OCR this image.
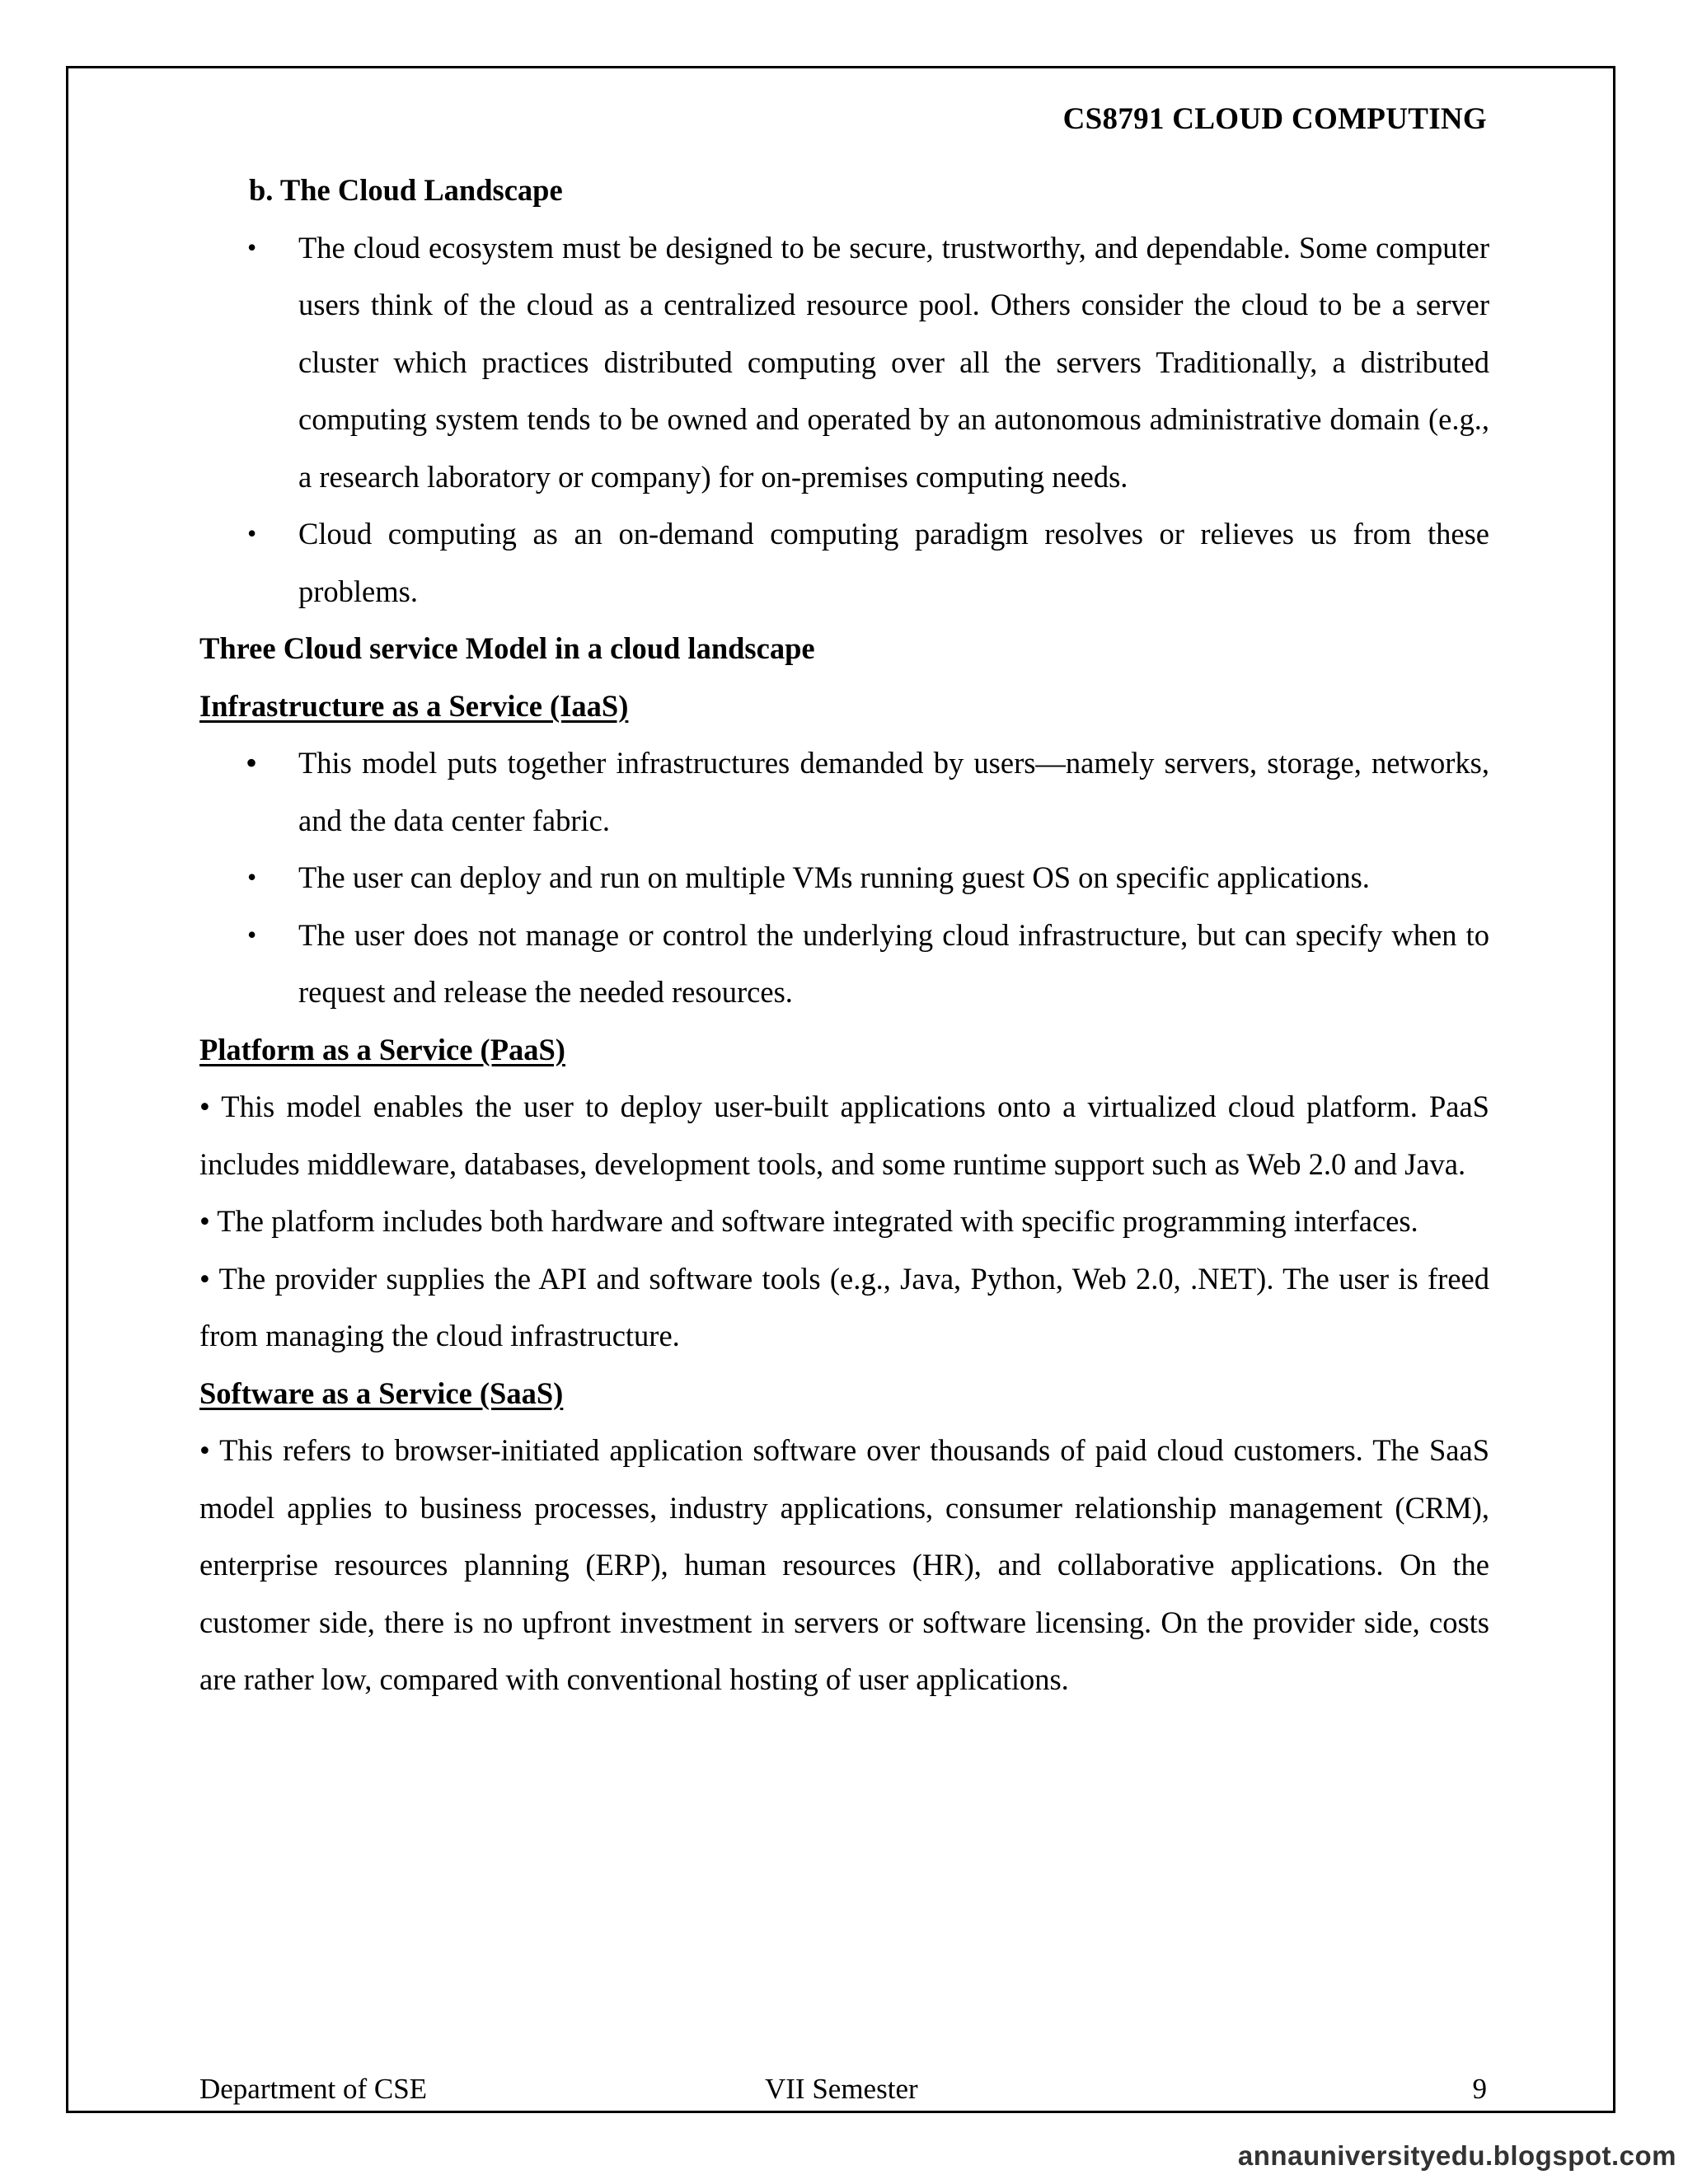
CS8791 CLOUD COMPUTING
b. The Cloud Landscape
• The cloud ecosystem must be designed to be secure, trustworthy, and dependable. Some computer users think of the cloud as a centralized resource pool. Others consider the cloud to be a server cluster which practices distributed computing over all the servers Traditionally, a distributed computing system tends to be owned and operated by an autonomous administrative domain (e.g., a research laboratory or company) for on-premises computing needs.
• Cloud computing as an on-demand computing paradigm resolves or relieves us from these problems.
Three Cloud service Model in a cloud landscape
Infrastructure as a Service (IaaS)
• This model puts together infrastructures demanded by users—namely servers, storage, networks, and the data center fabric.
• The user can deploy and run on multiple VMs running guest OS on specific applications.
• The user does not manage or control the underlying cloud infrastructure, but can specify when to request and release the needed resources.
Platform as a Service (PaaS)
• This model enables the user to deploy user-built applications onto a virtualized cloud platform. PaaS includes middleware, databases, development tools, and some runtime support such as Web 2.0 and Java.
• The platform includes both hardware and software integrated with specific programming interfaces.
• The provider supplies the API and software tools (e.g., Java, Python, Web 2.0, .NET). The user is freed from managing the cloud infrastructure.
Software as a Service (SaaS)
• This refers to browser-initiated application software over thousands of paid cloud customers. The SaaS model applies to business processes, industry applications, consumer relationship management (CRM), enterprise resources planning (ERP), human resources (HR), and collaborative applications. On the customer side, there is no upfront investment in servers or software licensing. On the provider side, costs are rather low, compared with conventional hosting of user applications.
Department of CSE	VII Semester	9
annauniversityedu.blogspot.com
